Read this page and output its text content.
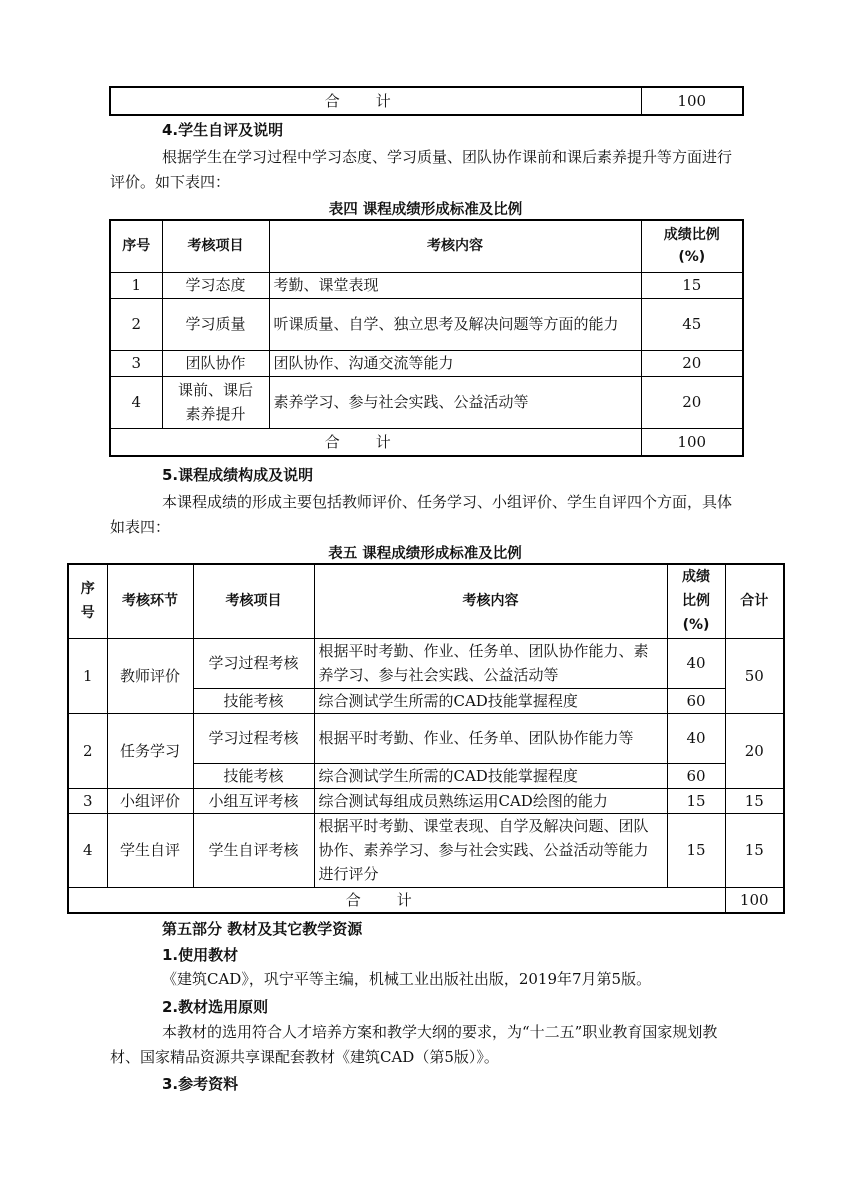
合计	100
4.学生自评及说明
根据学生在学习过程中学习态度、学习质量、团队协作课前和课后素养提升等方面进行评价。如下表四：
表四 课程成绩形成标准及比例
序号	考核项目	考核内容	成绩比例(%)
1	学习态度	考勤、课堂表现	15
2	学习质量	听课质量、自学、独立思考及解决问题等方面的能力	45
3	团队协作	团队协作、沟通交流等能力	20
4	课前、课后素养提升	素养学习、参与社会实践、公益活动等	20
合计			100
5.课程成绩构成及说明
本课程成绩的形成主要包括教师评价、任务学习、小组评价、学生自评四个方面，具体如表四：
表五 课程成绩形成标准及比例
序号	考核环节	考核项目	考核内容	成绩比例(%)	合计
1	教师评价	学习过程考核	根据平时考勤、作业、任务单、团队协作能力、素养学习、参与社会实践、公益活动等	40	50
		技能考核	综合测试学生所需的CAD技能掌握程度	60	
2	任务学习	学习过程考核	根据平时考勤、作业、任务单、团队协作能力等	40	20
		技能考核	综合测试学生所需的CAD技能掌握程度	60	
3	小组评价	小组互评考核	综合测试每组成员熟练运用CAD绘图的能力	15	15
4	学生自评	学生自评考核	根据平时考勤、课堂表现、自学及解决问题、团队协作、素养学习、参与社会实践、公益活动等能力进行评分	15	15
合计					100
第五部分 教材及其它教学资源
1.使用教材
《建筑CAD》，巩宁平等主编，机械工业出版社出版，2019年7月第5版。
2.教材选用原则
本教材的选用符合人才培养方案和教学大纲的要求，为“十二五”职业教育国家规划教材、国家精品资源共享课配套教材《建筑CAD（第5版）》。
3.参考资料
